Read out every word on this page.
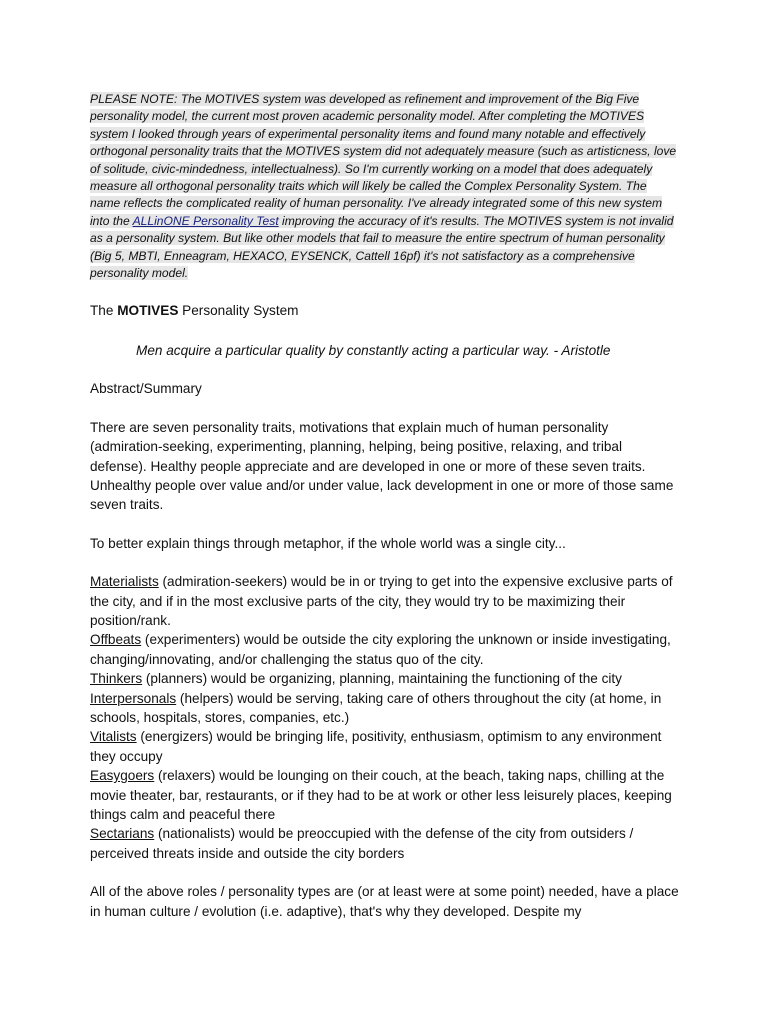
PLEASE NOTE: The MOTIVES system was developed as refinement and improvement of the Big Five personality model, the current most proven academic personality model. After completing the MOTIVES system I looked through years of experimental personality items and found many notable and effectively orthogonal personality traits that the MOTIVES system did not adequately measure (such as artisticness, love of solitude, civic-mindedness, intellectualness). So I'm currently working on a model that does adequately measure all orthogonal personality traits which will likely be called the Complex Personality System. The name reflects the complicated reality of human personality. I've already integrated some of this new system into the ALLinONE Personality Test improving the accuracy of it's results. The MOTIVES system is not invalid as a personality system. But like other models that fail to measure the entire spectrum of human personality (Big 5, MBTI, Enneagram, HEXACO, EYSENCK, Cattell 16pf) it's not satisfactory as a comprehensive personality model.

The MOTIVES Personality System

Men acquire a particular quality by constantly acting a particular way. - Aristotle

Abstract/Summary

There are seven personality traits, motivations that explain much of human personality (admiration-seeking, experimenting, planning, helping, being positive, relaxing, and tribal defense). Healthy people appreciate and are developed in one or more of these seven traits. Unhealthy people over value and/or under value, lack development in one or more of those same seven traits.

To better explain things through metaphor, if the whole world was a single city...

Materialists (admiration-seekers) would be in or trying to get into the expensive exclusive parts of the city, and if in the most exclusive parts of the city, they would try to be maximizing their position/rank.

Offbeats (experimenters) would be outside the city exploring the unknown or inside investigating, changing/innovating, and/or challenging the status quo of the city.

Thinkers (planners) would be organizing, planning, maintaining the functioning of the city

Interpersonals (helpers) would be serving, taking care of others throughout the city (at home, in schools, hospitals, stores, companies, etc.)

Vitalists (energizers) would be bringing life, positivity, enthusiasm, optimism to any environment they occupy

Easygoers (relaxers) would be lounging on their couch, at the beach, taking naps, chilling at the movie theater, bar, restaurants, or if they had to be at work or other less leisurely places, keeping things calm and peaceful there

Sectarians (nationalists) would be preoccupied with the defense of the city from outsiders / perceived threats inside and outside the city borders

All of the above roles / personality types are (or at least were at some point) needed, have a place in human culture / evolution (i.e. adaptive), that's why they developed. Despite my
